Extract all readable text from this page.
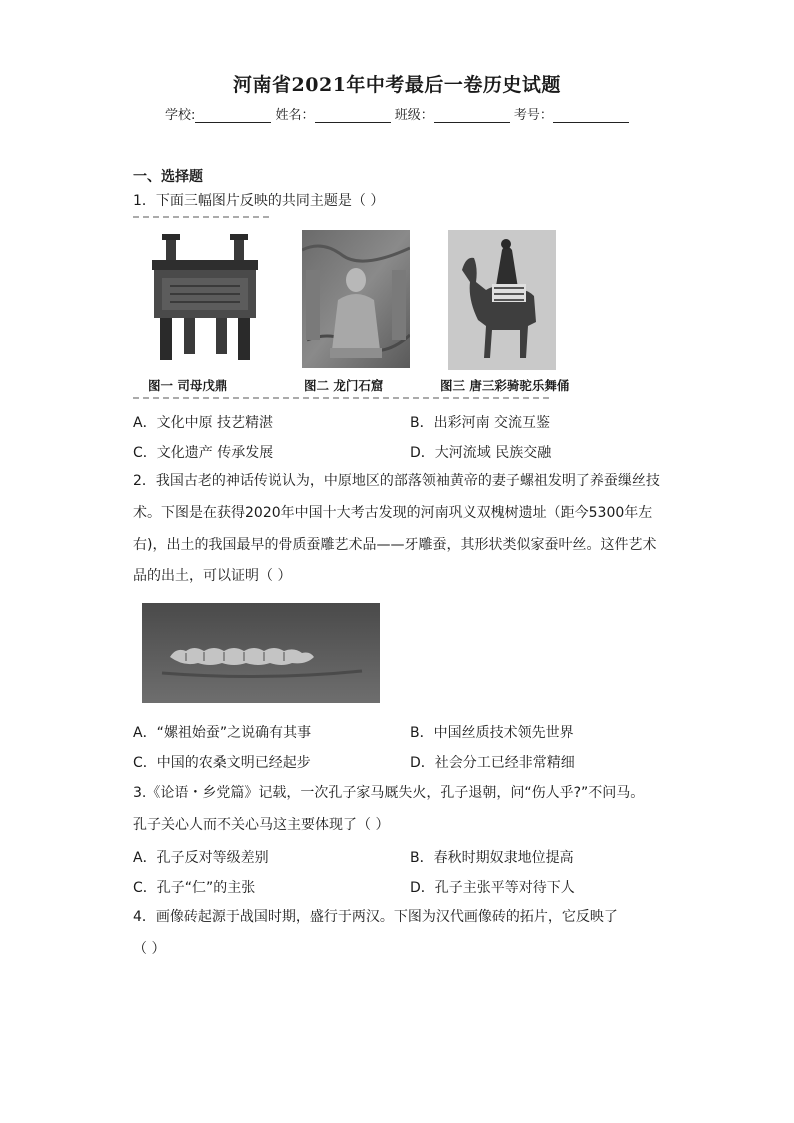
河南省2021年中考最后一卷历史试题
学校:	姓名：	班级：	考号：
一、选择题
1．下面三幅图片反映的共同主题是（ ）
图一 司母戊鼎	图二 龙门石窟	图三 唐三彩骑驼乐舞俑
A．文化中原 技艺精湛	B．出彩河南 交流互鉴
C．文化遗产 传承发展	D．大河流域 民族交融
2．我国古老的神话传说认为，中原地区的部落领袖黄帝的妻子螺祖发明了养蚕缫丝技
术。下图是在获得2020年中国十大考古发现的河南巩义双槐树遗址（距今5300年左
右)，出土的我国最早的骨质蚕雕艺术品——牙雕蚕，其形状类似家蚕叶丝。这件艺术
品的出土，可以证明（ ）
A．“嫘祖始蚕”之说确有其事	B．中国丝质技术领先世界
C．中国的农桑文明已经起步	D．社会分工已经非常精细
3.《论语・乡党篇》记载，一次孔子家马厩失火，孔子退朝，问“伤人乎?”不问马。
孔子关心人而不关心马这主要体现了（ ）
A．孔子反对等级差别	B．春秋时期奴隶地位提高
C．孔子“仁”的主张	D．孔子主张平等对待下人
4．画像砖起源于战国时期，盛行于两汉。下图为汉代画像砖的拓片，它反映了
（ ）
